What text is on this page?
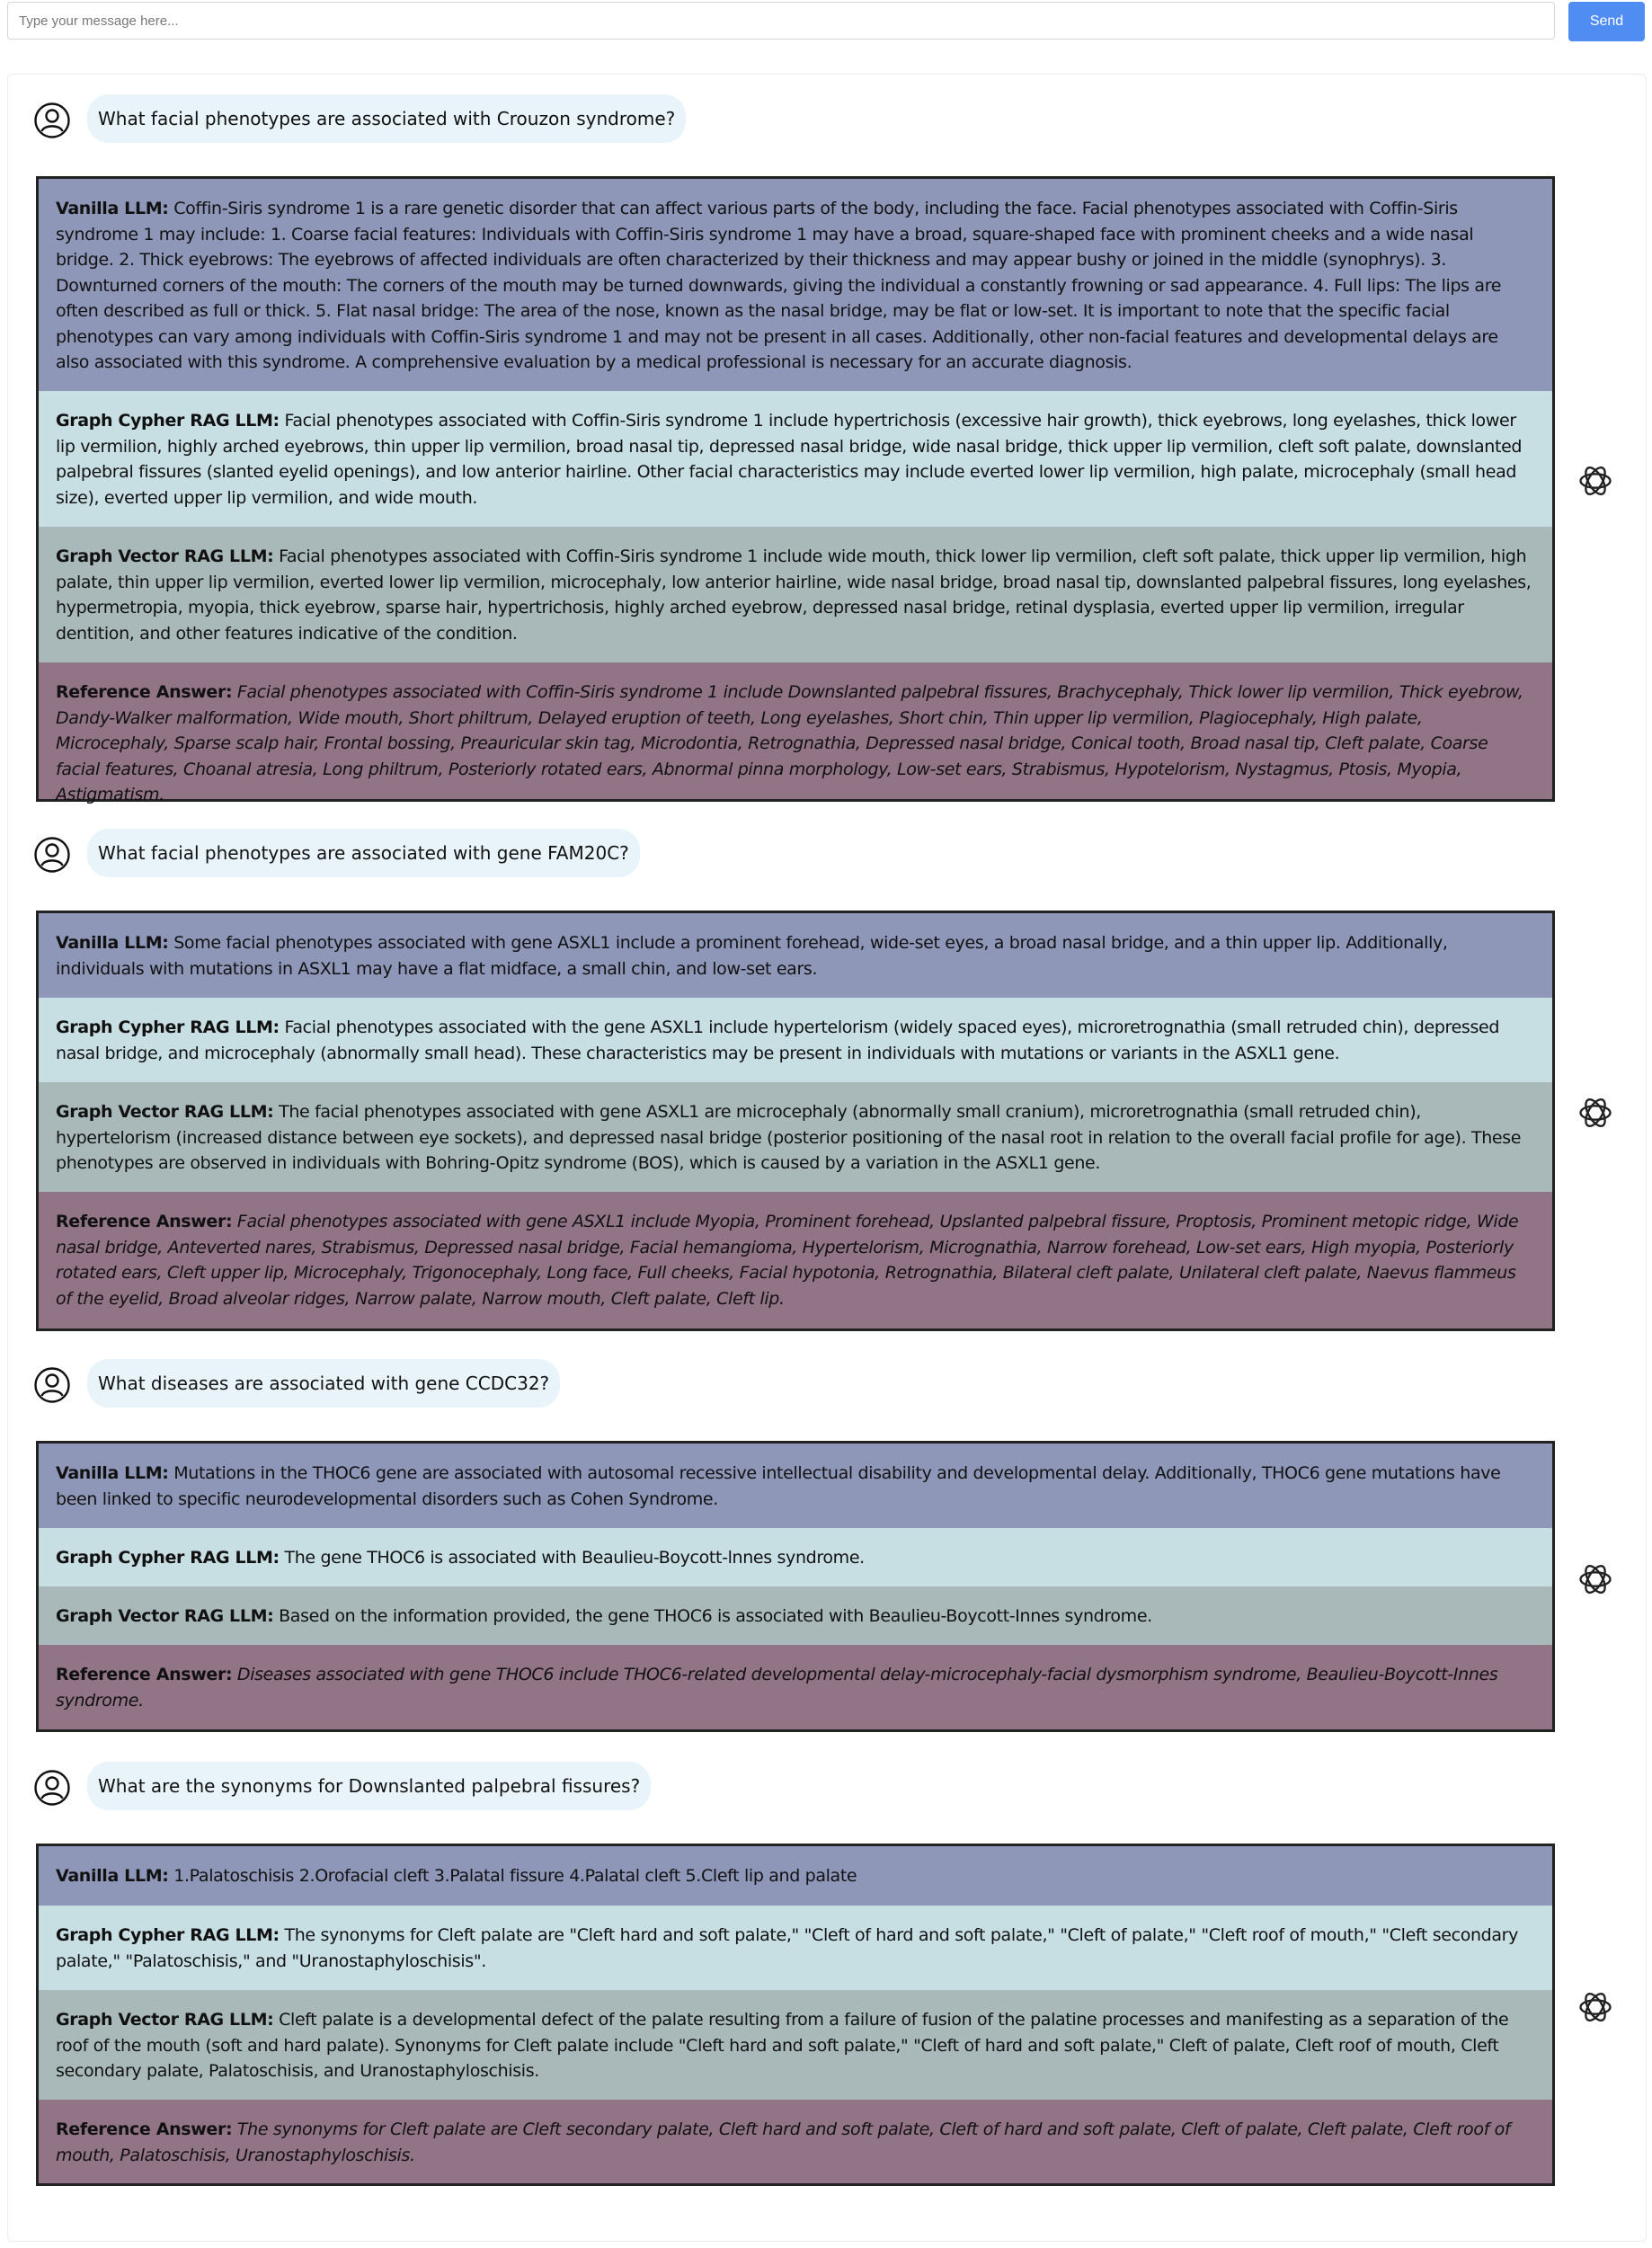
Type your message here...
Send
What facial phenotypes are associated with Crouzon syndrome?
Vanilla LLM: Coffin-Siris syndrome 1 is a rare genetic disorder that can affect various parts of the body, including the face. Facial phenotypes associated with Coffin-Siris syndrome 1 may include: 1. Coarse facial features: Individuals with Coffin-Siris syndrome 1 may have a broad, square-shaped face with prominent cheeks and a wide nasal bridge. 2. Thick eyebrows: The eyebrows of affected individuals are often characterized by their thickness and may appear bushy or joined in the middle (synophrys). 3. Downturned corners of the mouth: The corners of the mouth may be turned downwards, giving the individual a constantly frowning or sad appearance. 4. Full lips: The lips are often described as full or thick. 5. Flat nasal bridge: The area of the nose, known as the nasal bridge, may be flat or low-set. It is important to note that the specific facial phenotypes can vary among individuals with Coffin-Siris syndrome 1 and may not be present in all cases. Additionally, other non-facial features and developmental delays are also associated with this syndrome. A comprehensive evaluation by a medical professional is necessary for an accurate diagnosis.
Graph Cypher RAG LLM: Facial phenotypes associated with Coffin-Siris syndrome 1 include hypertrichosis (excessive hair growth), thick eyebrows, long eyelashes, thick lower lip vermilion, highly arched eyebrows, thin upper lip vermilion, broad nasal tip, depressed nasal bridge, wide nasal bridge, thick upper lip vermilion, cleft soft palate, downslanted palpebral fissures (slanted eyelid openings), and low anterior hairline. Other facial characteristics may include everted lower lip vermilion, high palate, microcephaly (small head size), everted upper lip vermilion, and wide mouth.
Graph Vector RAG LLM: Facial phenotypes associated with Coffin-Siris syndrome 1 include wide mouth, thick lower lip vermilion, cleft soft palate, thick upper lip vermilion, high palate, thin upper lip vermilion, everted lower lip vermilion, microcephaly, low anterior hairline, wide nasal bridge, broad nasal tip, downslanted palpebral fissures, long eyelashes, hypermetropia, myopia, thick eyebrow, sparse hair, hypertrichosis, highly arched eyebrow, depressed nasal bridge, retinal dysplasia, everted upper lip vermilion, irregular dentition, and other features indicative of the condition.
Reference Answer: Facial phenotypes associated with Coffin-Siris syndrome 1 include Downslanted palpebral fissures, Brachycephaly, Thick lower lip vermilion, Thick eyebrow, Dandy-Walker malformation, Wide mouth, Short philtrum, Delayed eruption of teeth, Long eyelashes, Short chin, Thin upper lip vermilion, Plagiocephaly, High palate, Microcephaly, Sparse scalp hair, Frontal bossing, Preauricular skin tag, Microdontia, Retrognathia, Depressed nasal bridge, Conical tooth, Broad nasal tip, Cleft palate, Coarse facial features, Choanal atresia, Long philtrum, Posteriorly rotated ears, Abnormal pinna morphology, Low-set ears, Strabismus, Hypotelorism, Nystagmus, Ptosis, Myopia, Astigmatism.
What facial phenotypes are associated with gene FAM20C?
Vanilla LLM: Some facial phenotypes associated with gene ASXL1 include a prominent forehead, wide-set eyes, a broad nasal bridge, and a thin upper lip. Additionally, individuals with mutations in ASXL1 may have a flat midface, a small chin, and low-set ears.
Graph Cypher RAG LLM: Facial phenotypes associated with the gene ASXL1 include hypertelorism (widely spaced eyes), microretrognathia (small retruded chin), depressed nasal bridge, and microcephaly (abnormally small head). These characteristics may be present in individuals with mutations or variants in the ASXL1 gene.
Graph Vector RAG LLM: The facial phenotypes associated with gene ASXL1 are microcephaly (abnormally small cranium), microretrognathia (small retruded chin), hypertelorism (increased distance between eye sockets), and depressed nasal bridge (posterior positioning of the nasal root in relation to the overall facial profile for age). These phenotypes are observed in individuals with Bohring-Opitz syndrome (BOS), which is caused by a variation in the ASXL1 gene.
Reference Answer: Facial phenotypes associated with gene ASXL1 include Myopia, Prominent forehead, Upslanted palpebral fissure, Proptosis, Prominent metopic ridge, Wide nasal bridge, Anteverted nares, Strabismus, Depressed nasal bridge, Facial hemangioma, Hypertelorism, Micrognathia, Narrow forehead, Low-set ears, High myopia, Posteriorly rotated ears, Cleft upper lip, Microcephaly, Trigonocephaly, Long face, Full cheeks, Facial hypotonia, Retrognathia, Bilateral cleft palate, Unilateral cleft palate, Naevus flammeus of the eyelid, Broad alveolar ridges, Narrow palate, Narrow mouth, Cleft palate, Cleft lip.
What diseases are associated with gene CCDC32?
Vanilla LLM: Mutations in the THOC6 gene are associated with autosomal recessive intellectual disability and developmental delay. Additionally, THOC6 gene mutations have been linked to specific neurodevelopmental disorders such as Cohen Syndrome.
Graph Cypher RAG LLM: The gene THOC6 is associated with Beaulieu-Boycott-lnnes syndrome.
Graph Vector RAG LLM: Based on the information provided, the gene THOC6 is associated with Beaulieu-Boycott-Innes syndrome.
Reference Answer: Diseases associated with gene THOC6 include THOC6-related developmental delay-microcephaly-facial dysmorphism syndrome, Beaulieu-Boycott-Innes syndrome.
What are the synonyms for Downslanted palpebral fissures?
Vanilla LLM: 1.Palatoschisis 2.Orofacial cleft 3.Palatal fissure 4.Palatal cleft 5.Cleft lip and palate
Graph Cypher RAG LLM: The synonyms for Cleft palate are "Cleft hard and soft palate," "Cleft of hard and soft palate," "Cleft of palate," "Cleft roof of mouth," "Cleft secondary palate," "Palatoschisis," and "Uranostaphyloschisis".
Graph Vector RAG LLM: Cleft palate is a developmental defect of the palate resulting from a failure of fusion of the palatine processes and manifesting as a separation of the roof of the mouth (soft and hard palate). Synonyms for Cleft palate include "Cleft hard and soft palate," "Cleft of hard and soft palate," Cleft of palate, Cleft roof of mouth, Cleft secondary palate, Palatoschisis, and Uranostaphyloschisis.
Reference Answer: The synonyms for Cleft palate are Cleft secondary palate, Cleft hard and soft palate, Cleft of hard and soft palate, Cleft of palate, Cleft palate, Cleft roof of mouth, Palatoschisis, Uranostaphyloschisis.
